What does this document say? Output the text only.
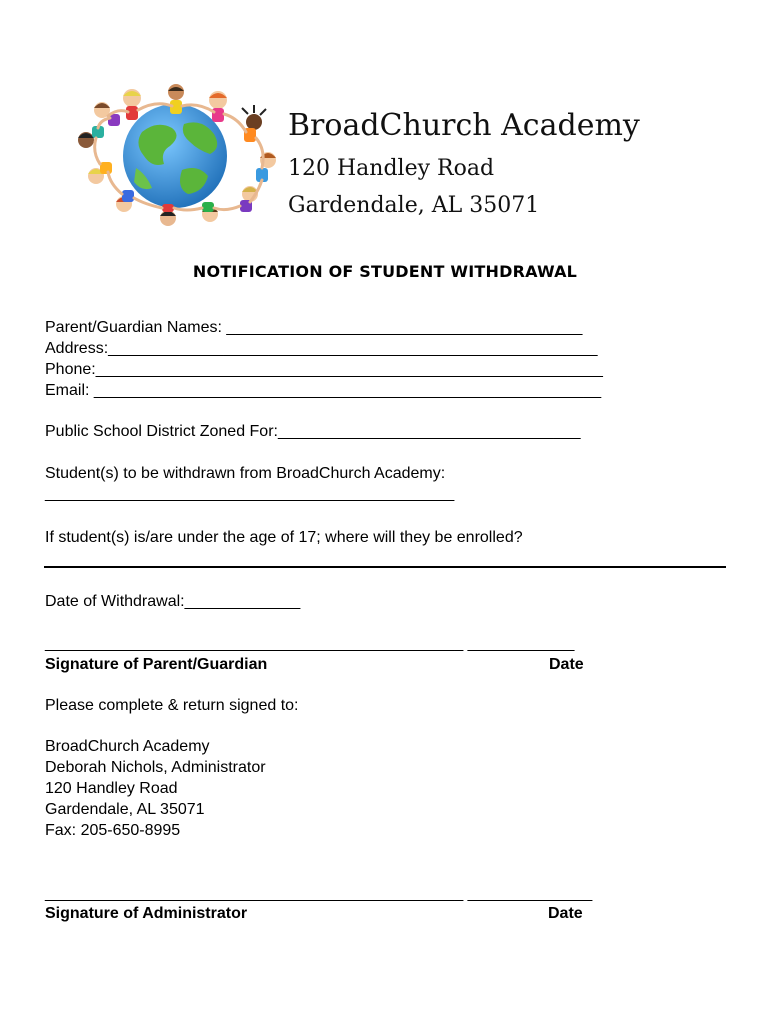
BroadChurch Academy
120 Handley Road
Gardendale, AL 35071
NOTIFICATION OF STUDENT WITHDRAWAL
Parent/Guardian Names: ________________________________________
Address:_______________________________________________________
Phone:_________________________________________________________
Email: _________________________________________________________
Public School District Zoned For:__________________________________
Student(s) to be withdrawn from BroadChurch Academy:
______________________________________________
If student(s) is/are under the age of 17; where will they be enrolled?
Date of Withdrawal:_____________
_______________________________________________ ____________
Signature of Parent/Guardian	Date
Please complete & return signed to:
BroadChurch Academy
Deborah Nichols, Administrator
120 Handley Road
Gardendale, AL 35071
Fax: 205-650-8995
_______________________________________________ ______________
Signature of Administrator	Date
